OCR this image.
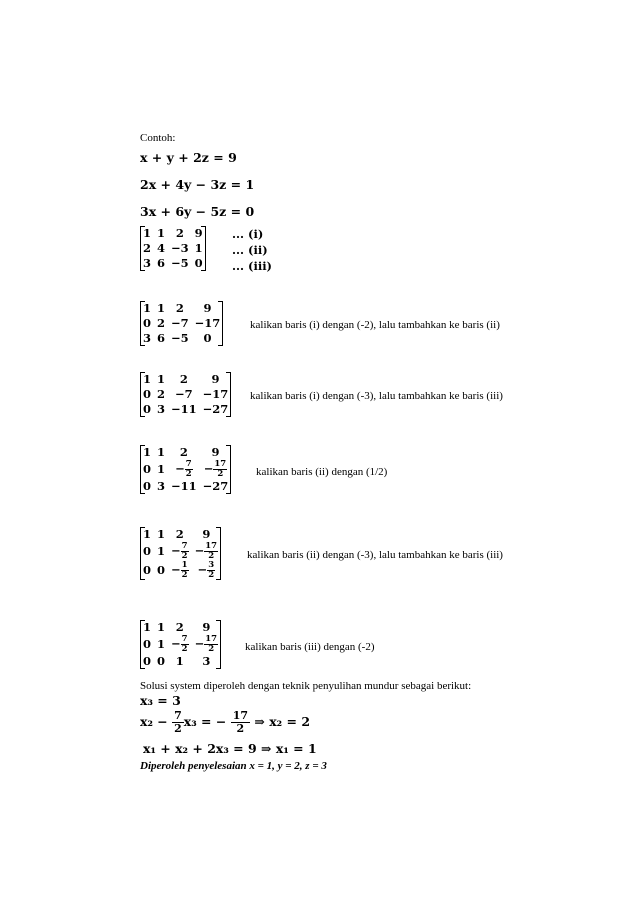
Contoh:
x + y + 2z = 9
2x + 4y − 3z = 1
3x + 6y − 5z = 0
1	1	2	9
2	4	−3	1
3	6	−5	0
... (i)
... (ii)
... (iii)
1	1	2	9
0	2	−7	−17
3	6	−5	0
kalikan baris (i) dengan (-2), lalu tambahkan ke baris (ii)
1	1	2	9
0	2	−7	−17
0	3	−11	−27
kalikan baris (i) dengan (-3), lalu tambahkan ke baris (iii)
1	1	2	9
0	1	− $\frac{7}{2}$	− $\frac{17}{2}$

0	3	−11	−27
kalikan baris (ii) dengan (1/2)
1	1	2	9
0	1	− $\frac{7}{2}$	− $\frac{17}{2}$

0	0	− $\frac{1}{2}$	− $\frac{3}{2}$
kalikan baris (ii) dengan (-3), lalu tambahkan ke baris (iii)
1	1	2	9
0	1	− $\frac{7}{2}$	− $\frac{17}{2}$

0	0	1	3
kalikan baris (iii) dengan (-2)
Solusi system diperoleh dengan teknik penyulihan mundur sebagai berikut:
x₃ = 3
$x_2 - \frac{7}{2} x_3$ = − $\frac{17}{2}$ ⇒ x₂ = 2
x₁ + x₂ + 2x₃ = 9 ⇒ x₁ = 1
Diperoleh penyelesaian x = 1, y = 2, z = 3
